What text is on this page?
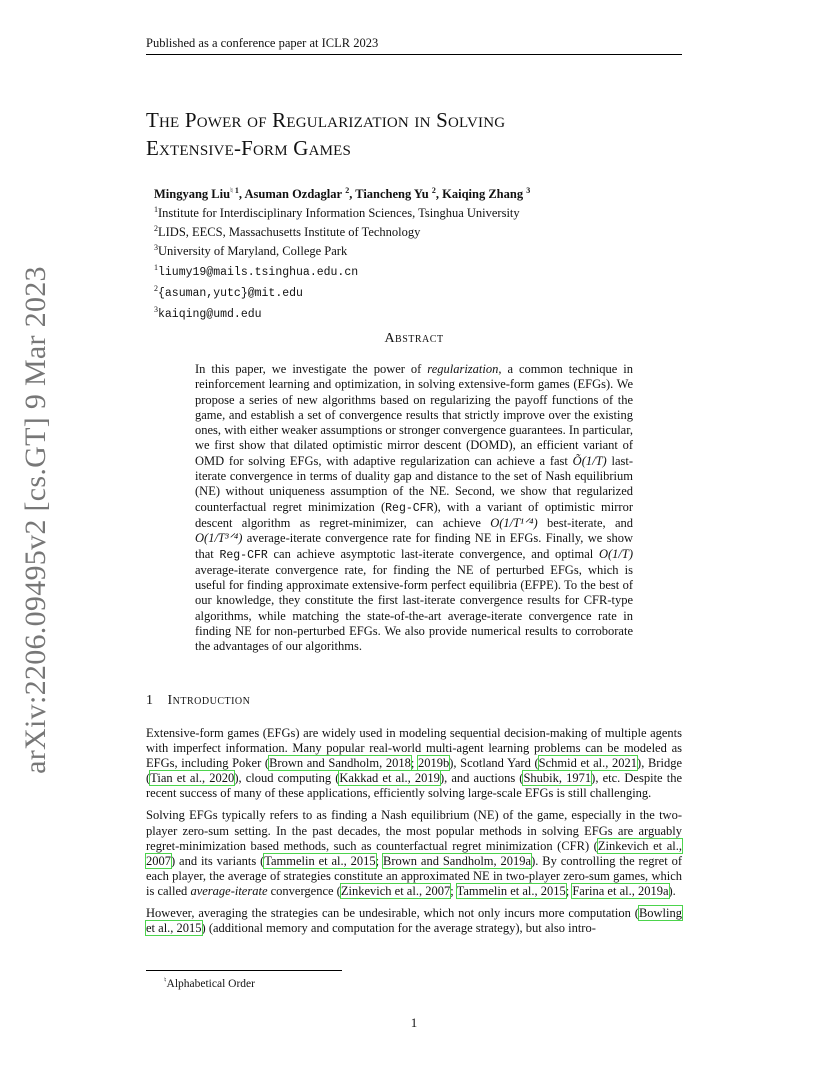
Published as a conference paper at ICLR 2023
arXiv:2206.09495v2 [cs.GT] 9 Mar 2023
The Power of Regularization in Solving
Extensive-Form Games
Mingyang Liu$^{♮ 1}$, Asuman Ozdaglar $^2$, Tiancheng Yu $^2$, Kaiqing Zhang $^3$
$^1$Institute for Interdisciplinary Information Sciences, Tsinghua University
$^2$LIDS, EECS, Massachusetts Institute of Technology
$^3$University of Maryland, College Park
$^1$liumy19@mails.tsinghua.edu.cn
$^2${asuman,yutc}@mit.edu
$^3$kaiqing@umd.edu
Abstract

In this paper, we investigate the power of regularization, a common technique in reinforcement learning and optimization, in solving extensive-form games (EFGs). We propose a series of new algorithms based on regularizing the payoff functions of the game, and establish a set of convergence results that strictly improve over the existing ones, with either weaker assumptions or stronger convergence guarantees. In particular, we first show that dilated optimistic mirror descent (DOMD), an efficient variant of OMD for solving EFGs, with adaptive regularization can achieve a fast Õ(1/T) last-iterate convergence in terms of duality gap and distance to the set of Nash equilibrium (NE) without uniqueness assumption of the NE. Second, we show that regularized counterfactual regret minimization (Reg-CFR), with a variant of optimistic mirror descent algorithm as regret-minimizer, can achieve O(1/T¹ᐟ⁴) best-iterate, and O(1/T³ᐟ⁴) average-iterate convergence rate for finding NE in EFGs. Finally, we show that Reg-CFR can achieve asymptotic last-iterate convergence, and optimal O(1/T) average-iterate convergence rate, for finding the NE of perturbed EFGs, which is useful for finding approximate extensive-form perfect equilibria (EFPE). To the best of our knowledge, they constitute the first last-iterate convergence results for CFR-type algorithms, while matching the state-of-the-art average-iterate convergence rate in finding NE for non-perturbed EFGs. We also provide numerical results to corroborate the advantages of our algorithms.

1 Introduction

Extensive-form games (EFGs) are widely used in modeling sequential decision-making of multiple agents with imperfect information. Many popular real-world multi-agent learning problems can be modeled as EFGs, including Poker (Brown and Sandholm, 2018; 2019b), Scotland Yard (Schmid et al., 2021), Bridge (Tian et al., 2020), cloud computing (Kakkad et al., 2019), and auctions (Shubik, 1971), etc. Despite the recent success of many of these applications, efficiently solving large-scale EFGs is still challenging.

Solving EFGs typically refers to as finding a Nash equilibrium (NE) of the game, especially in the two-player zero-sum setting. In the past decades, the most popular methods in solving EFGs are arguably regret-minimization based methods, such as counterfactual regret minimization (CFR) (Zinkevich et al., 2007) and its variants (Tammelin et al., 2015; Brown and Sandholm, 2019a). By controlling the regret of each player, the average of strategies constitute an approximated NE in two-player zero-sum games, which is called average-iterate convergence (Zinkevich et al., 2007; Tammelin et al., 2015; Farina et al., 2019a).

However, averaging the strategies can be undesirable, which not only incurs more computation (Bowling et al., 2015) (additional memory and computation for the average strategy), but also intro-

♮Alphabetical Order
1
